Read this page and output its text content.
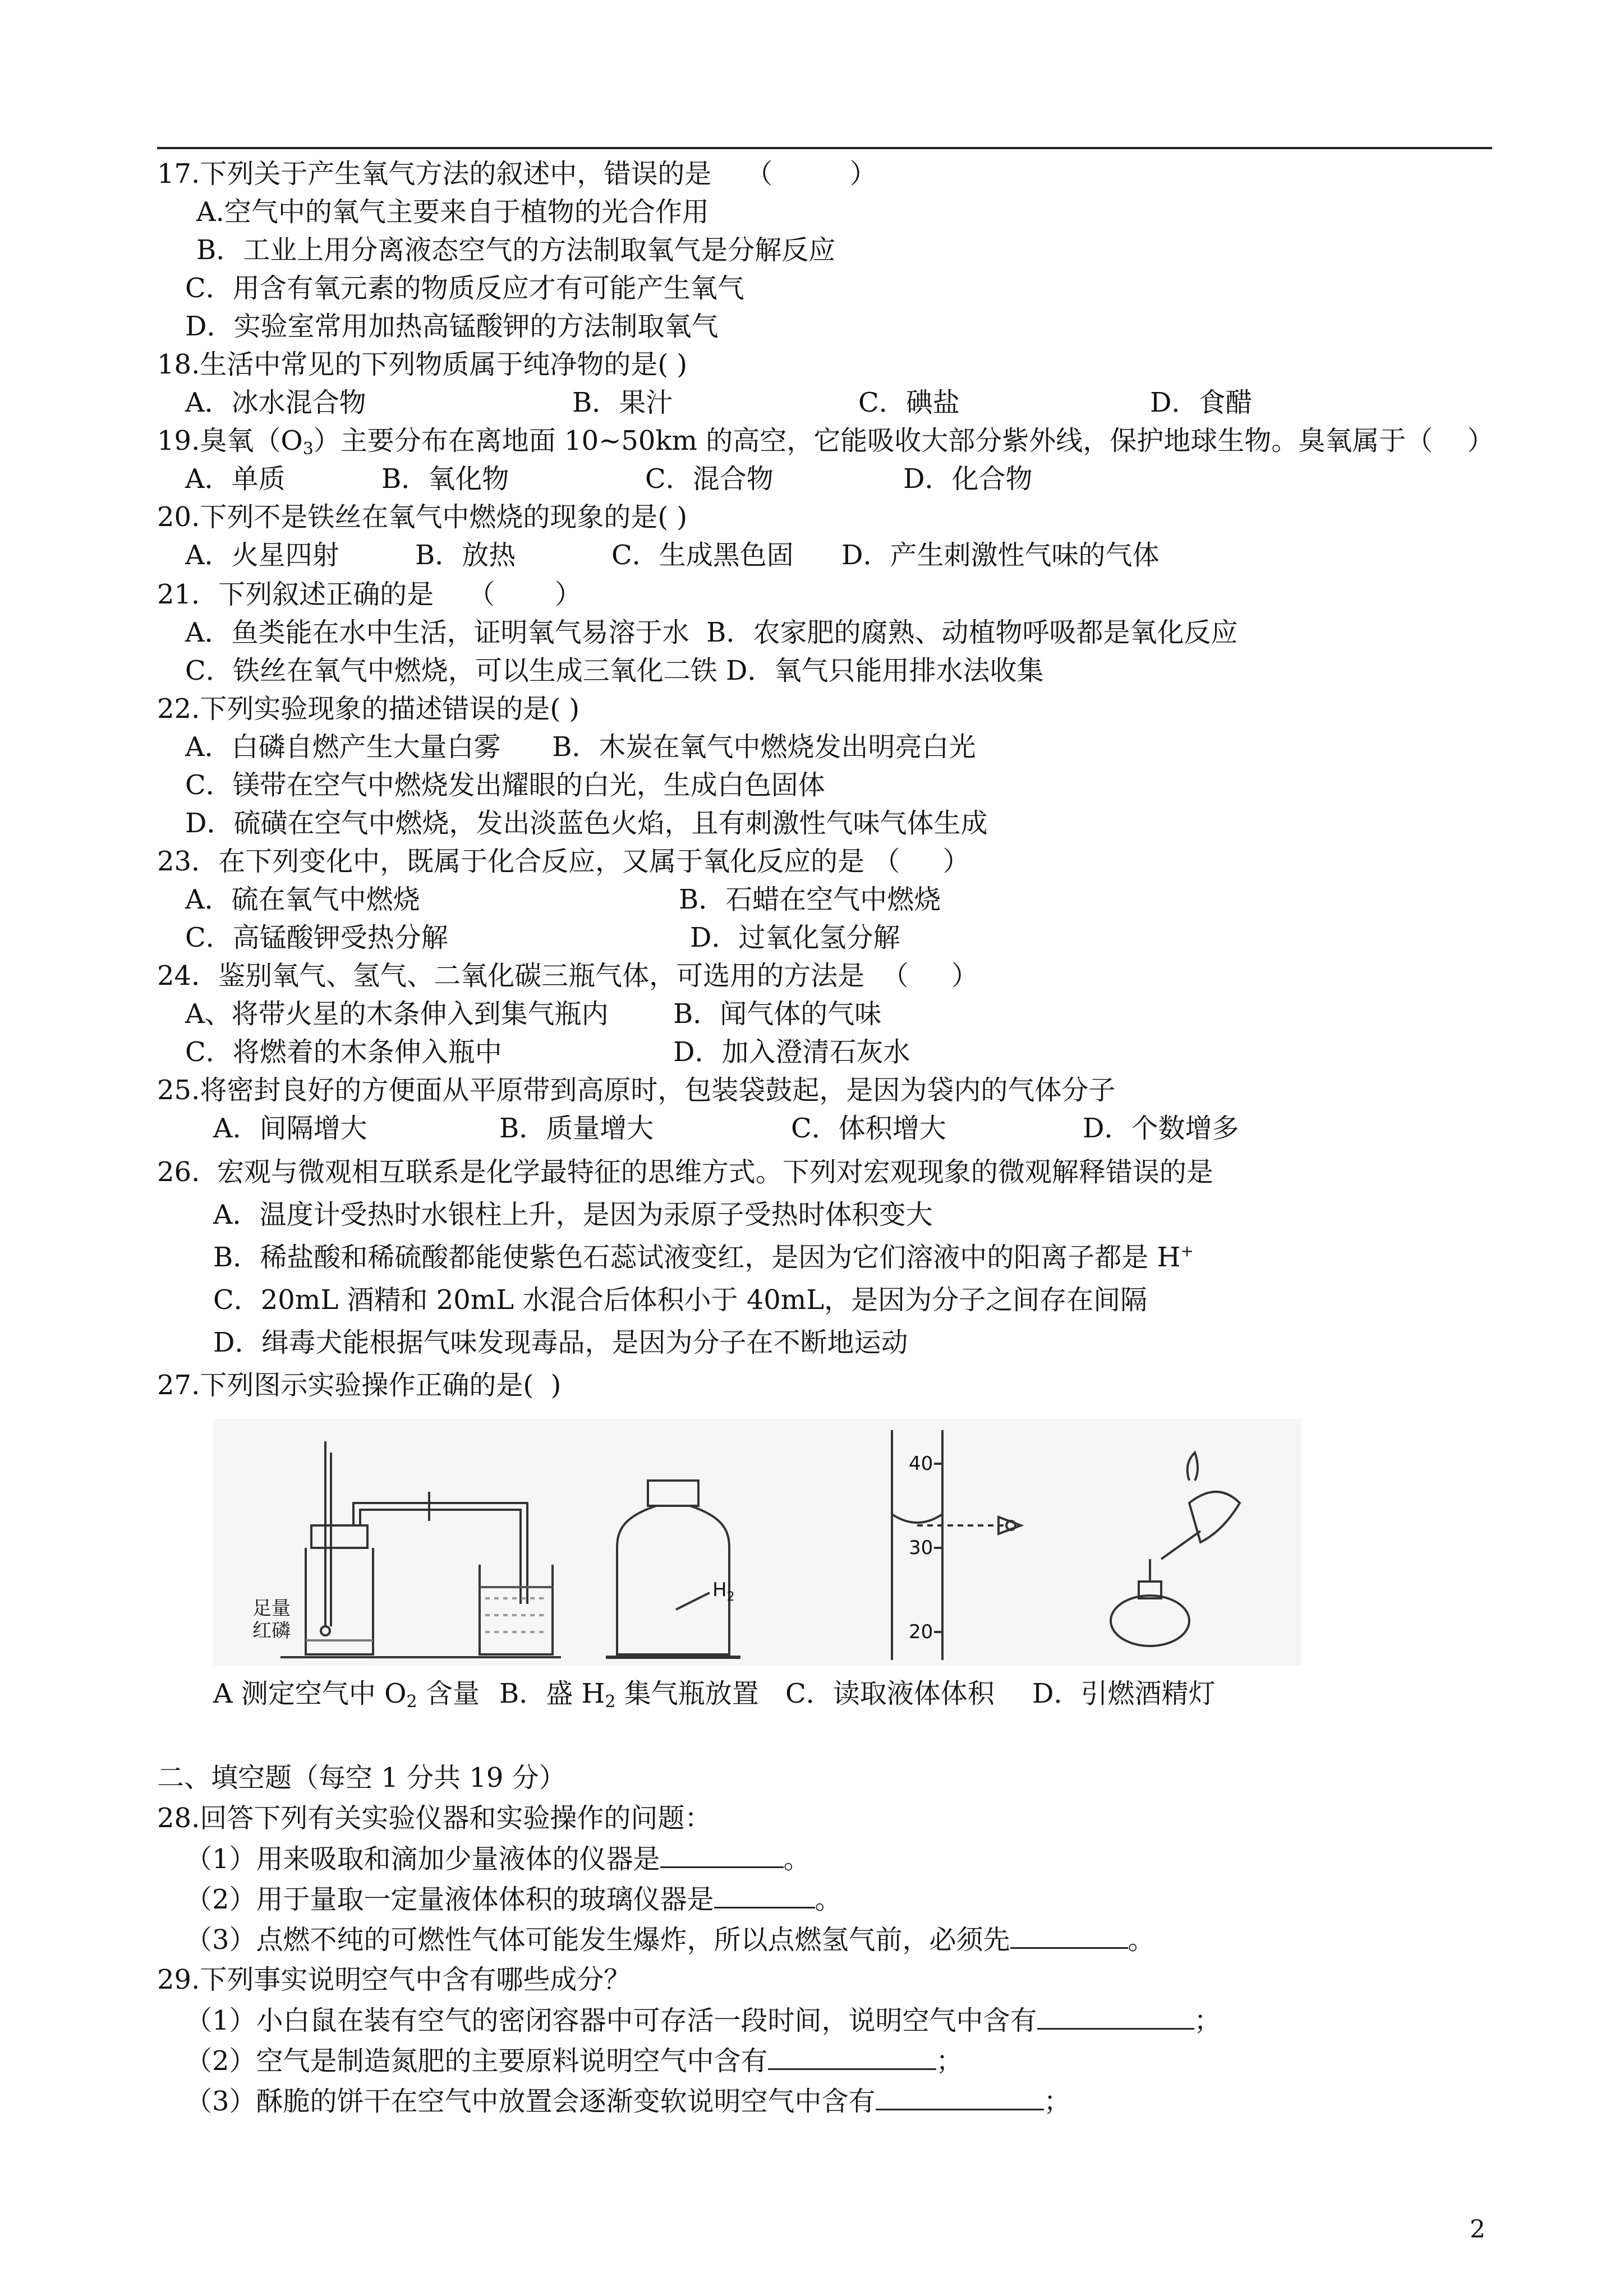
17.下列关于产生氧气方法的叙述中，错误的是    （         ）
A.空气中的氧气主要来自于植物的光合作用
B．工业上用分离液态空气的方法制取氧气是分解反应
C．用含有氧元素的物质反应才有可能产生氧气
D．实验室常用加热高锰酸钾的方法制取氧气
18.生活中常见的下列物质属于纯净物的是( )
A．冰水混合物	B．果汁	C．碘盐	D．食醋
19.臭氧$(O_3)$主要分布在离地面 10~50km 的高空，它能吸收大部分紫外线，保护地球生物。臭氧属于（    ）
A．单质	B．氧化物	C．混合物	D．化合物
20.下列不是铁丝在氧气中燃烧的现象的是( )
A．火星四射	B．放热	C．生成黑色固 D．产生刺激性气味的气体
21．下列叙述正确的是    （       ）
A．鱼类能在水中生活，证明氧气易溶于水  B．农家肥的腐熟、动植物呼吸都是氧化反应
C．铁丝在氧气中燃烧，可以生成三氧化二铁 D．氧气只能用排水法收集
22.下列实验现象的描述错误的是( )
A．白磷自燃产生大量白雾      B．木炭在氧气中燃烧发出明亮白光
C．镁带在空气中燃烧发出耀眼的白光，生成白色固体
D．硫磺在空气中燃烧，发出淡蓝色火焰，且有刺激性气味气体生成
23．在下列变化中，既属于化合反应，又属于氧化反应的是 （     ）
A．硫在氧气中燃烧	B．石蜡在空气中燃烧
C．高锰酸钾受热分解	D．过氧化氢分解
24．鉴别氧气、氢气、二氧化碳三瓶气体，可选用的方法是  （     ）
A、将带火星的木条伸入到集气瓶内 B．闻气体的气味
C．将燃着的木条伸入瓶中	D．加入澄清石灰水
25.将密封良好的方便面从平原带到高原时，包装袋鼓起，是因为袋内的气体分子
A．间隔增大	B．质量增大	C．体积增大	D．个数增多
26.  宏观与微观相互联系是化学最特征的思维方式。下列对宏观现象的微观解释错误的是
A．温度计受热时水银柱上升，是因为汞原子受热时体积变大
B．稀盐酸和稀硫酸都能使紫色石蕊试液变红，是因为它们溶液中的阳离子都是 H+
C．20mL 酒精和 20mL 水混合后体积小于 40mL，是因为分子之间存在间隔
D．缉毒犬能根据气味发现毒品，是因为分子在不断地运动
27.下列图示实验操作正确的是(  )
足量
红磷
$H_2$
40
30
20
A 测定空气中 $O_2$ 含量 B．盛 $H_2$ 集气瓶放置 C．读取液体体积 D．引燃酒精灯
二、填空题（每空 1 分共 19 分）
28.回答下列有关实验仪器和实验操作的问题：
（1）用来吸取和滴加少量液体的仪器是	。
（2）用于量取一定量液体体积的玻璃仪器是	。
（3）点燃不纯的可燃性气体可能发生爆炸，所以点燃氢气前，必须先	。
29.下列事实说明空气中含有哪些成分？
（1）小白鼠在装有空气的密闭容器中可存活一段时间，说明空气中含有	；
（2）空气是制造氮肥的主要原料说明空气中含有	；
（3）酥脆的饼干在空气中放置会逐渐变软说明空气中含有	；
2
